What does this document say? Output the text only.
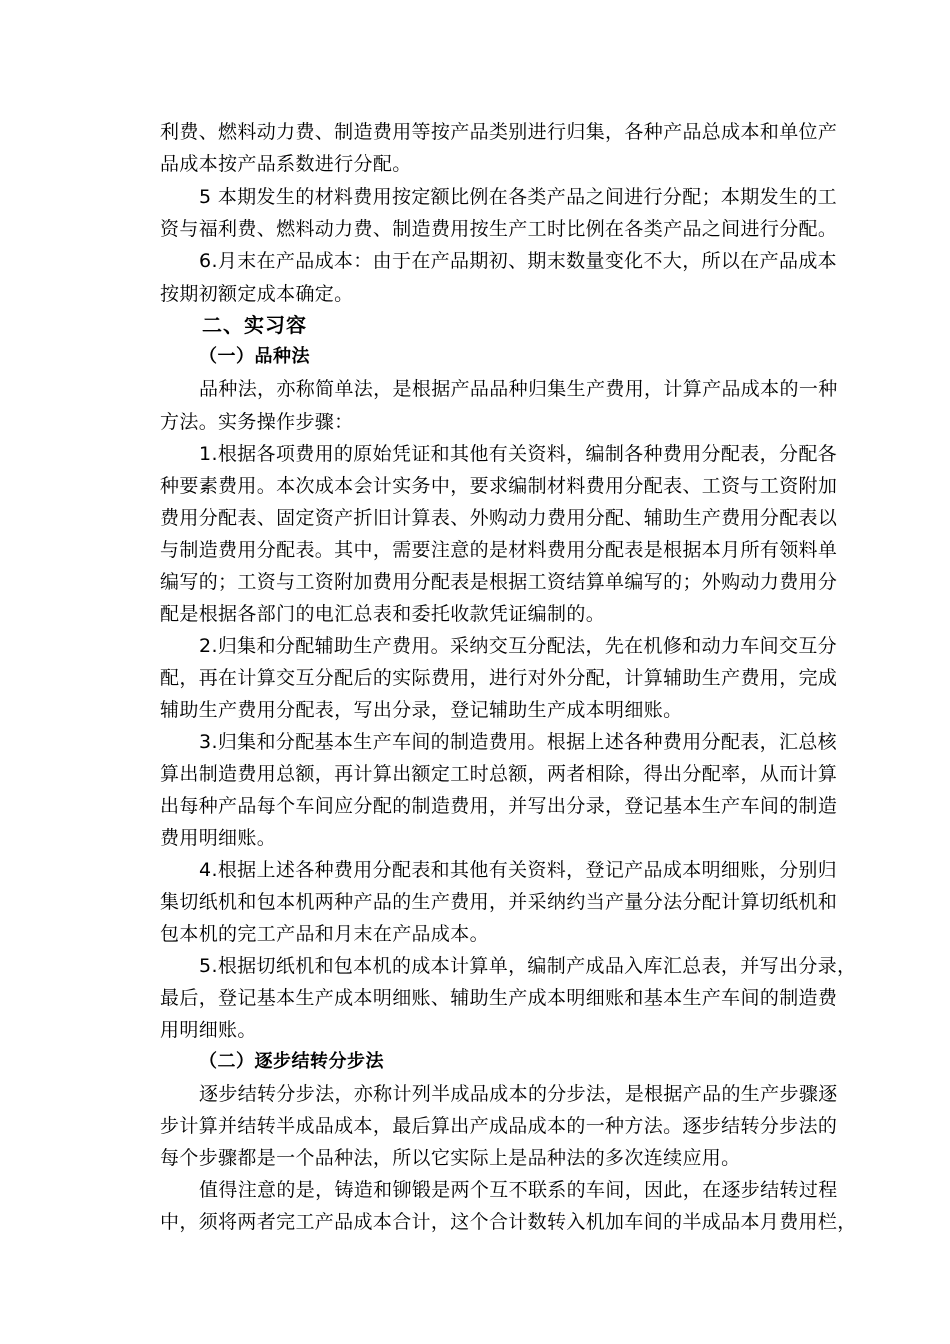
利费、燃料动力费、制造费用等按产品类别进行归集，各种产品总成本和单位产
品成本按产品系数进行分配。
5 本期发生的材料费用按定额比例在各类产品之间进行分配；本期发生的工
资与福利费、燃料动力费、制造费用按生产工时比例在各类产品之间进行分配。
6.月末在产品成本：由于在产品期初、期末数量变化不大，所以在产品成本
按期初额定成本确定。
二、实习容
（一）品种法
品种法，亦称简单法，是根据产品品种归集生产费用，计算产品成本的一种
方法。实务操作步骤：
1.根据各项费用的原始凭证和其他有关资料，编制各种费用分配表，分配各
种要素费用。本次成本会计实务中，要求编制材料费用分配表、工资与工资附加
费用分配表、固定资产折旧计算表、外购动力费用分配、辅助生产费用分配表以
与制造费用分配表。其中，需要注意的是材料费用分配表是根据本月所有领料单
编写的；工资与工资附加费用分配表是根据工资结算单编写的；外购动力费用分
配是根据各部门的电汇总表和委托收款凭证编制的。
2.归集和分配辅助生产费用。采纳交互分配法，先在机修和动力车间交互分
配，再在计算交互分配后的实际费用，进行对外分配，计算辅助生产费用，完成
辅助生产费用分配表，写出分录，登记辅助生产成本明细账。
3.归集和分配基本生产车间的制造费用。根据上述各种费用分配表，汇总核
算出制造费用总额，再计算出额定工时总额，两者相除，得出分配率，从而计算
出每种产品每个车间应分配的制造费用，并写出分录，登记基本生产车间的制造
费用明细账。
4.根据上述各种费用分配表和其他有关资料，登记产品成本明细账，分别归
集切纸机和包本机两种产品的生产费用，并采纳约当产量分法分配计算切纸机和
包本机的完工产品和月末在产品成本。
5.根据切纸机和包本机的成本计算单，编制产成品入库汇总表，并写出分录，
最后，登记基本生产成本明细账、辅助生产成本明细账和基本生产车间的制造费
用明细账。
（二）逐步结转分步法
逐步结转分步法，亦称计列半成品成本的分步法，是根据产品的生产步骤逐
步计算并结转半成品成本，最后算出产成品成本的一种方法。逐步结转分步法的
每个步骤都是一个品种法，所以它实际上是品种法的多次连续应用。
值得注意的是，铸造和铆锻是两个互不联系的车间，因此，在逐步结转过程
中，须将两者完工产品成本合计，这个合计数转入机加车间的半成品本月费用栏，
